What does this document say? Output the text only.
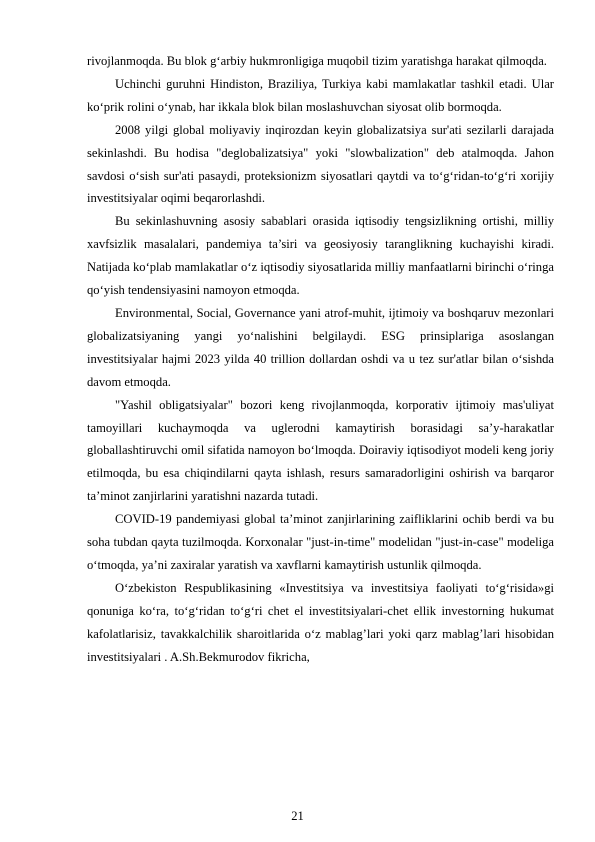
rivojlanmoqda. Bu blok g‘arbiy hukmronligiga muqobil tizim yaratishga harakat qilmoqda.

Uchinchi guruhni Hindiston, Braziliya, Turkiya kabi mamlakatlar tashkil etadi. Ular ko‘prik rolini o‘ynab, har ikkala blok bilan moslashuvchan siyosat olib bormoqda.

2008 yilgi global moliyaviy inqirozdan keyin globalizatsiya sur'ati sezilarli darajada sekinlashdi. Bu hodisa "deglobalizatsiya" yoki "slowbalization" deb atalmoqda. Jahon savdosi o‘sish sur'ati pasaydi, proteksionizm siyosatlari qaytdi va to‘g‘ridan-to‘g‘ri xorijiy investitsiyalar oqimi beqarorlashdi.

Bu sekinlashuvning asosiy sabablari orasida iqtisodiy tengsizlikning ortishi, milliy xavfsizlik masalalari, pandemiya ta’siri va geosiyosiy taranglikning kuchayishi kiradi. Natijada ko‘plab mamlakatlar o‘z iqtisodiy siyosatlarida milliy manfaatlarni birinchi o‘ringa qo‘yish tendensiyasini namoyon etmoqda.

Environmental, Social, Governance yani atrof-muhit, ijtimoiy va boshqaruv mezonlari globalizatsiyaning yangi yo‘nalishini belgilaydi. ESG prinsiplariga asoslangan investitsiyalar hajmi 2023 yilda 40 trillion dollardan oshdi va u tez sur'atlar bilan o‘sishda davom etmoqda.

"Yashil obligatsiyalar" bozori keng rivojlanmoqda, korporativ ijtimoiy mas'uliyat tamoyillari kuchaymoqda va uglerodni kamaytirish borasidagi sa’y-harakatlar globallashtiruvchi omil sifatida namoyon bo‘lmoqda. Doiraviy iqtisodiyot modeli keng joriy etilmoqda, bu esa chiqindilarni qayta ishlash, resurs samaradorligini oshirish va barqaror ta’minot zanjirlarini yaratishni nazarda tutadi.

COVID-19 pandemiyasi global ta’minot zanjirlarining zaifliklarini ochib berdi va bu soha tubdan qayta tuzilmoqda. Korxonalar "just-in-time" modelidan "just-in-case" modeliga o‘tmoqda, ya’ni zaxiralar yaratish va xavflarni kamaytirish ustunlik qilmoqda.

O‘zbekiston Respublikasining «Investitsiya va investitsiya faoliyati to‘g‘risida»gi qonuniga ko‘ra, to‘g‘ridan to‘g‘ri chet el investitsiyalari-chet ellik investorning hukumat kafolatlarisiz, tavakkalchilik sharoitlarida o‘z mablag’lari yoki qarz mablag’lari hisobidan investitsiyalari . A.Sh.Bekmurodov fikricha,

21
